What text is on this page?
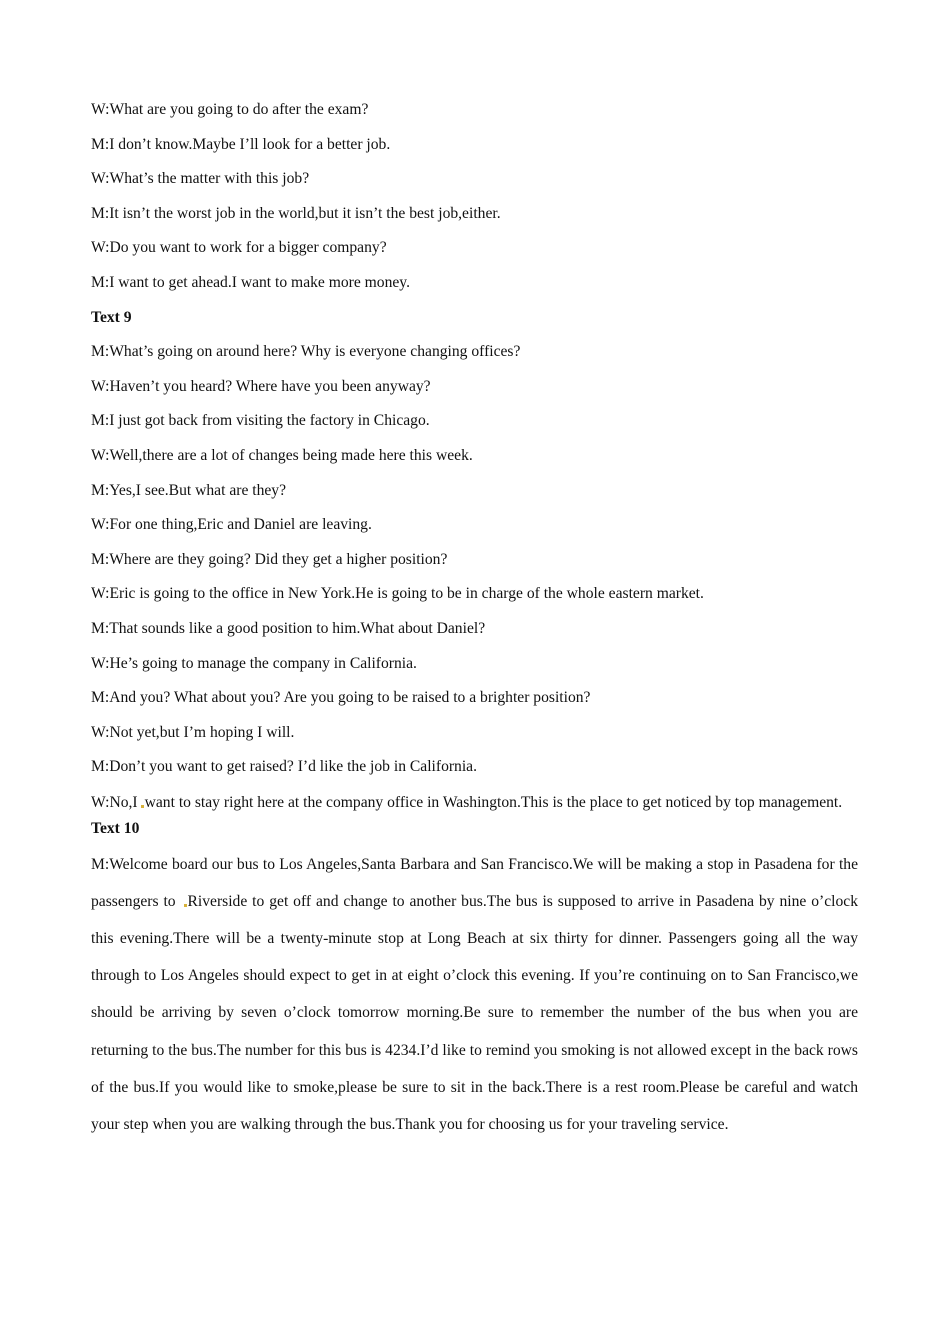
W:What are you going to do after the exam?

M:I don’t know.Maybe I’ll look for a better job.

W:What’s the matter with this job?

M:It isn’t the worst job in the world,but it isn’t the best job,either.

W:Do you want to work for a bigger company?

M:I want to get ahead.I want to make more money.

Text 9

M:What’s going on around here? Why is everyone changing offices?

W:Haven’t you heard? Where have you been anyway?

M:I just got back from visiting the factory in Chicago.

W:Well,there are a lot of changes being made here this week.

M:Yes,I see.But what are they?

W:For one thing,Eric and Daniel are leaving.

M:Where are they going? Did they get a higher position?

W:Eric is going to the office in New York.He is going to be in charge of the whole eastern market.

M:That sounds like a good position to him.What about Daniel?

W:He’s going to manage the company in California.

M:And you? What about you? Are you going to be raised to a brighter position?

W:Not yet,but I’m hoping I will.

M:Don’t you want to get raised? I’d like the job in California.

W:No,I want to stay right here at the company office in Washington.This is the place to get noticed by top management.

Text 10

M:Welcome board our bus to Los Angeles,Santa Barbara and San Francisco.We will be making a stop in Pasadena for the passengers to Riverside to get off and change to another bus.The bus is supposed to arrive in Pasadena by nine o’clock this evening.There will be a twenty-minute stop at Long Beach at six thirty for dinner. Passengers going all the way through to Los Angeles should expect to get in at eight o’clock this evening. If you’re continuing on to San Francisco,we should be arriving by seven o’clock tomorrow morning.Be sure to remember the number of the bus when you are returning to the bus.The number for this bus is 4234.I’d like to remind you smoking is not allowed except in the back rows of the bus.If you would like to smoke,please be sure to sit in the back.There is a rest room.Please be careful and watch your step when you are walking through the bus.Thank you for choosing us for your traveling service.
